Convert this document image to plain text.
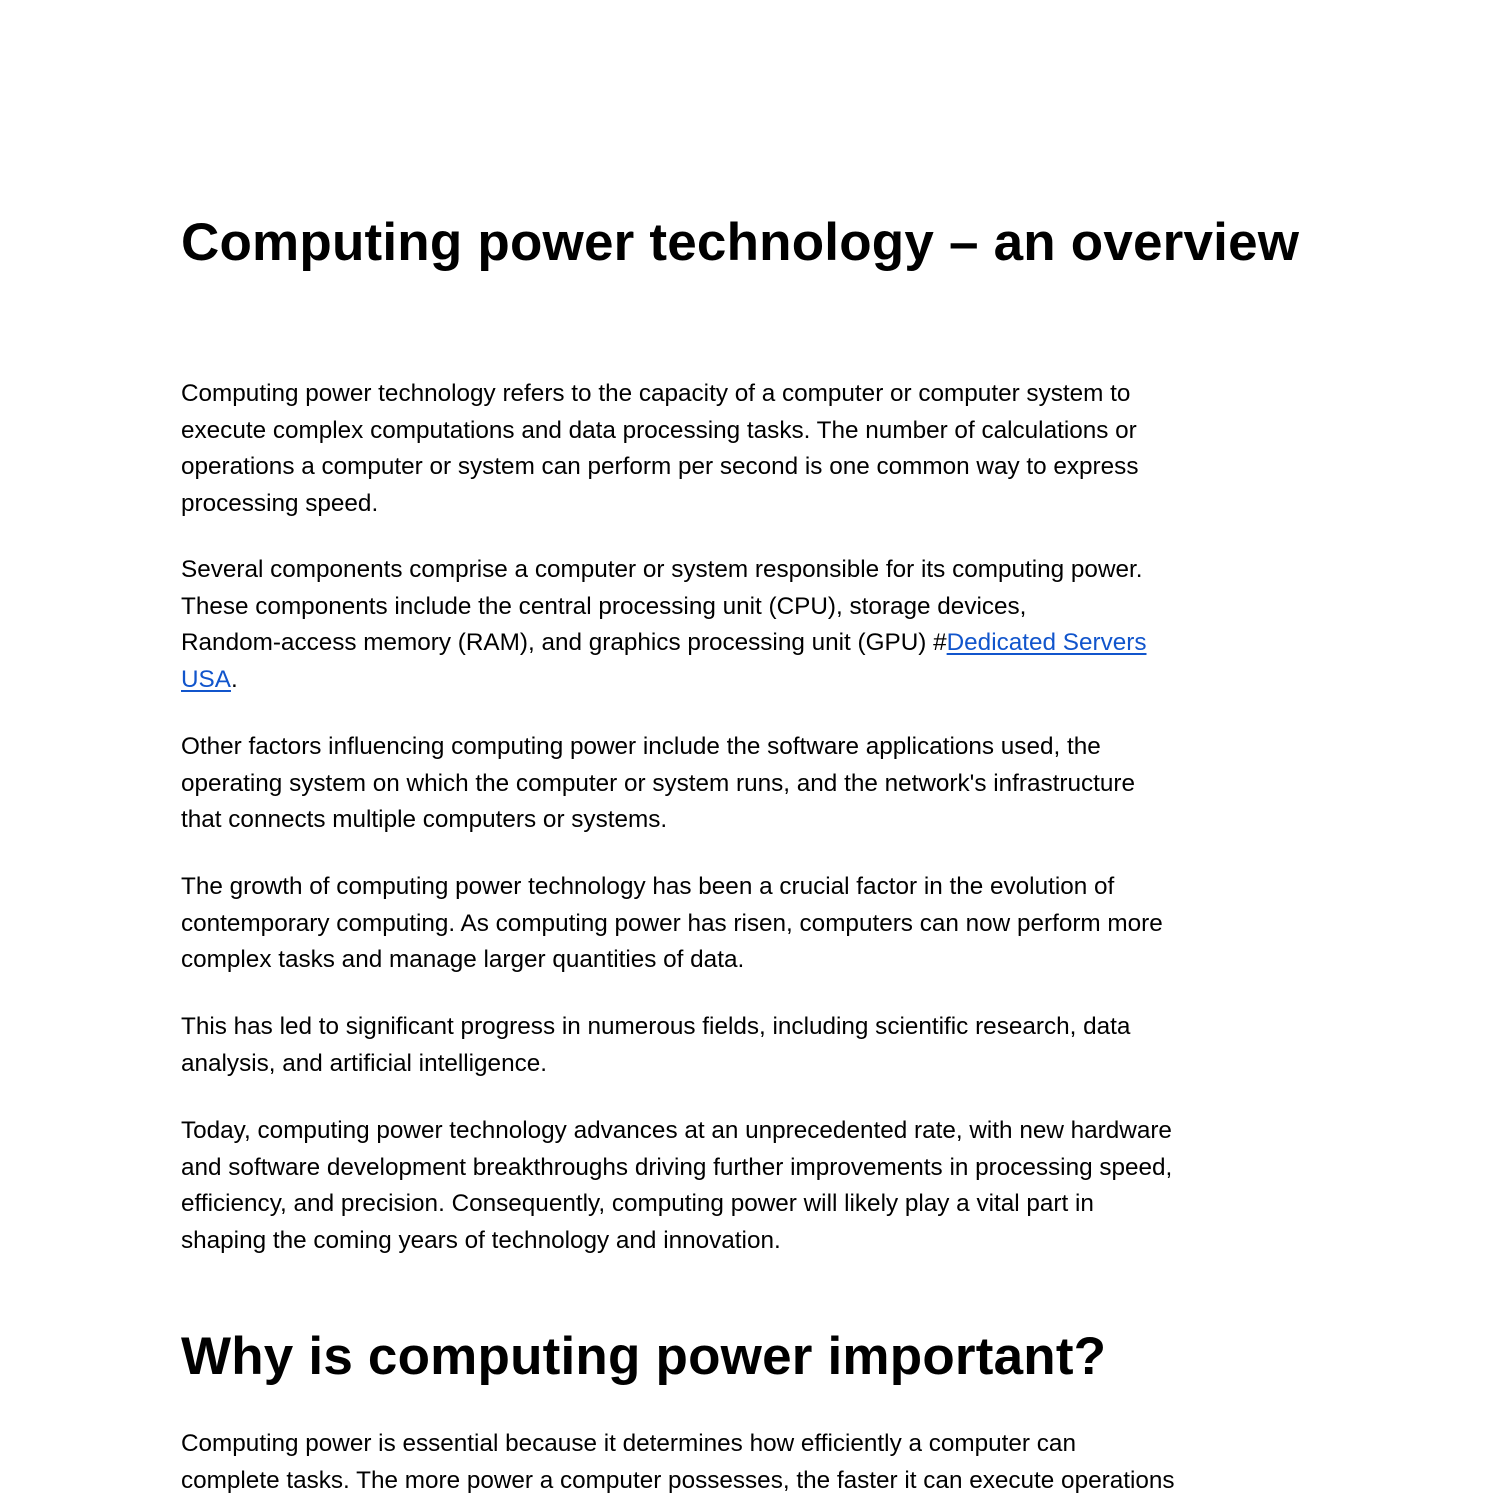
Computing power technology – an overview

Computing power technology refers to the capacity of a computer or computer system to
execute complex computations and data processing tasks. The number of calculations or
operations a computer or system can perform per second is one common way to express
processing speed.

Several components comprise a computer or system responsible for its computing power.
These components include the central processing unit (CPU), storage devices,
Random-access memory (RAM), and graphics processing unit (GPU) #Dedicated Servers
USA.

Other factors influencing computing power include the software applications used, the
operating system on which the computer or system runs, and the network's infrastructure
that connects multiple computers or systems.

The growth of computing power technology has been a crucial factor in the evolution of
contemporary computing. As computing power has risen, computers can now perform more
complex tasks and manage larger quantities of data.

This has led to significant progress in numerous fields, including scientific research, data
analysis, and artificial intelligence.

Today, computing power technology advances at an unprecedented rate, with new hardware
and software development breakthroughs driving further improvements in processing speed,
efficiency, and precision. Consequently, computing power will likely play a vital part in
shaping the coming years of technology and innovation.

Why is computing power important?

Computing power is essential because it determines how efficiently a computer can
complete tasks. The more power a computer possesses, the faster it can execute operations
